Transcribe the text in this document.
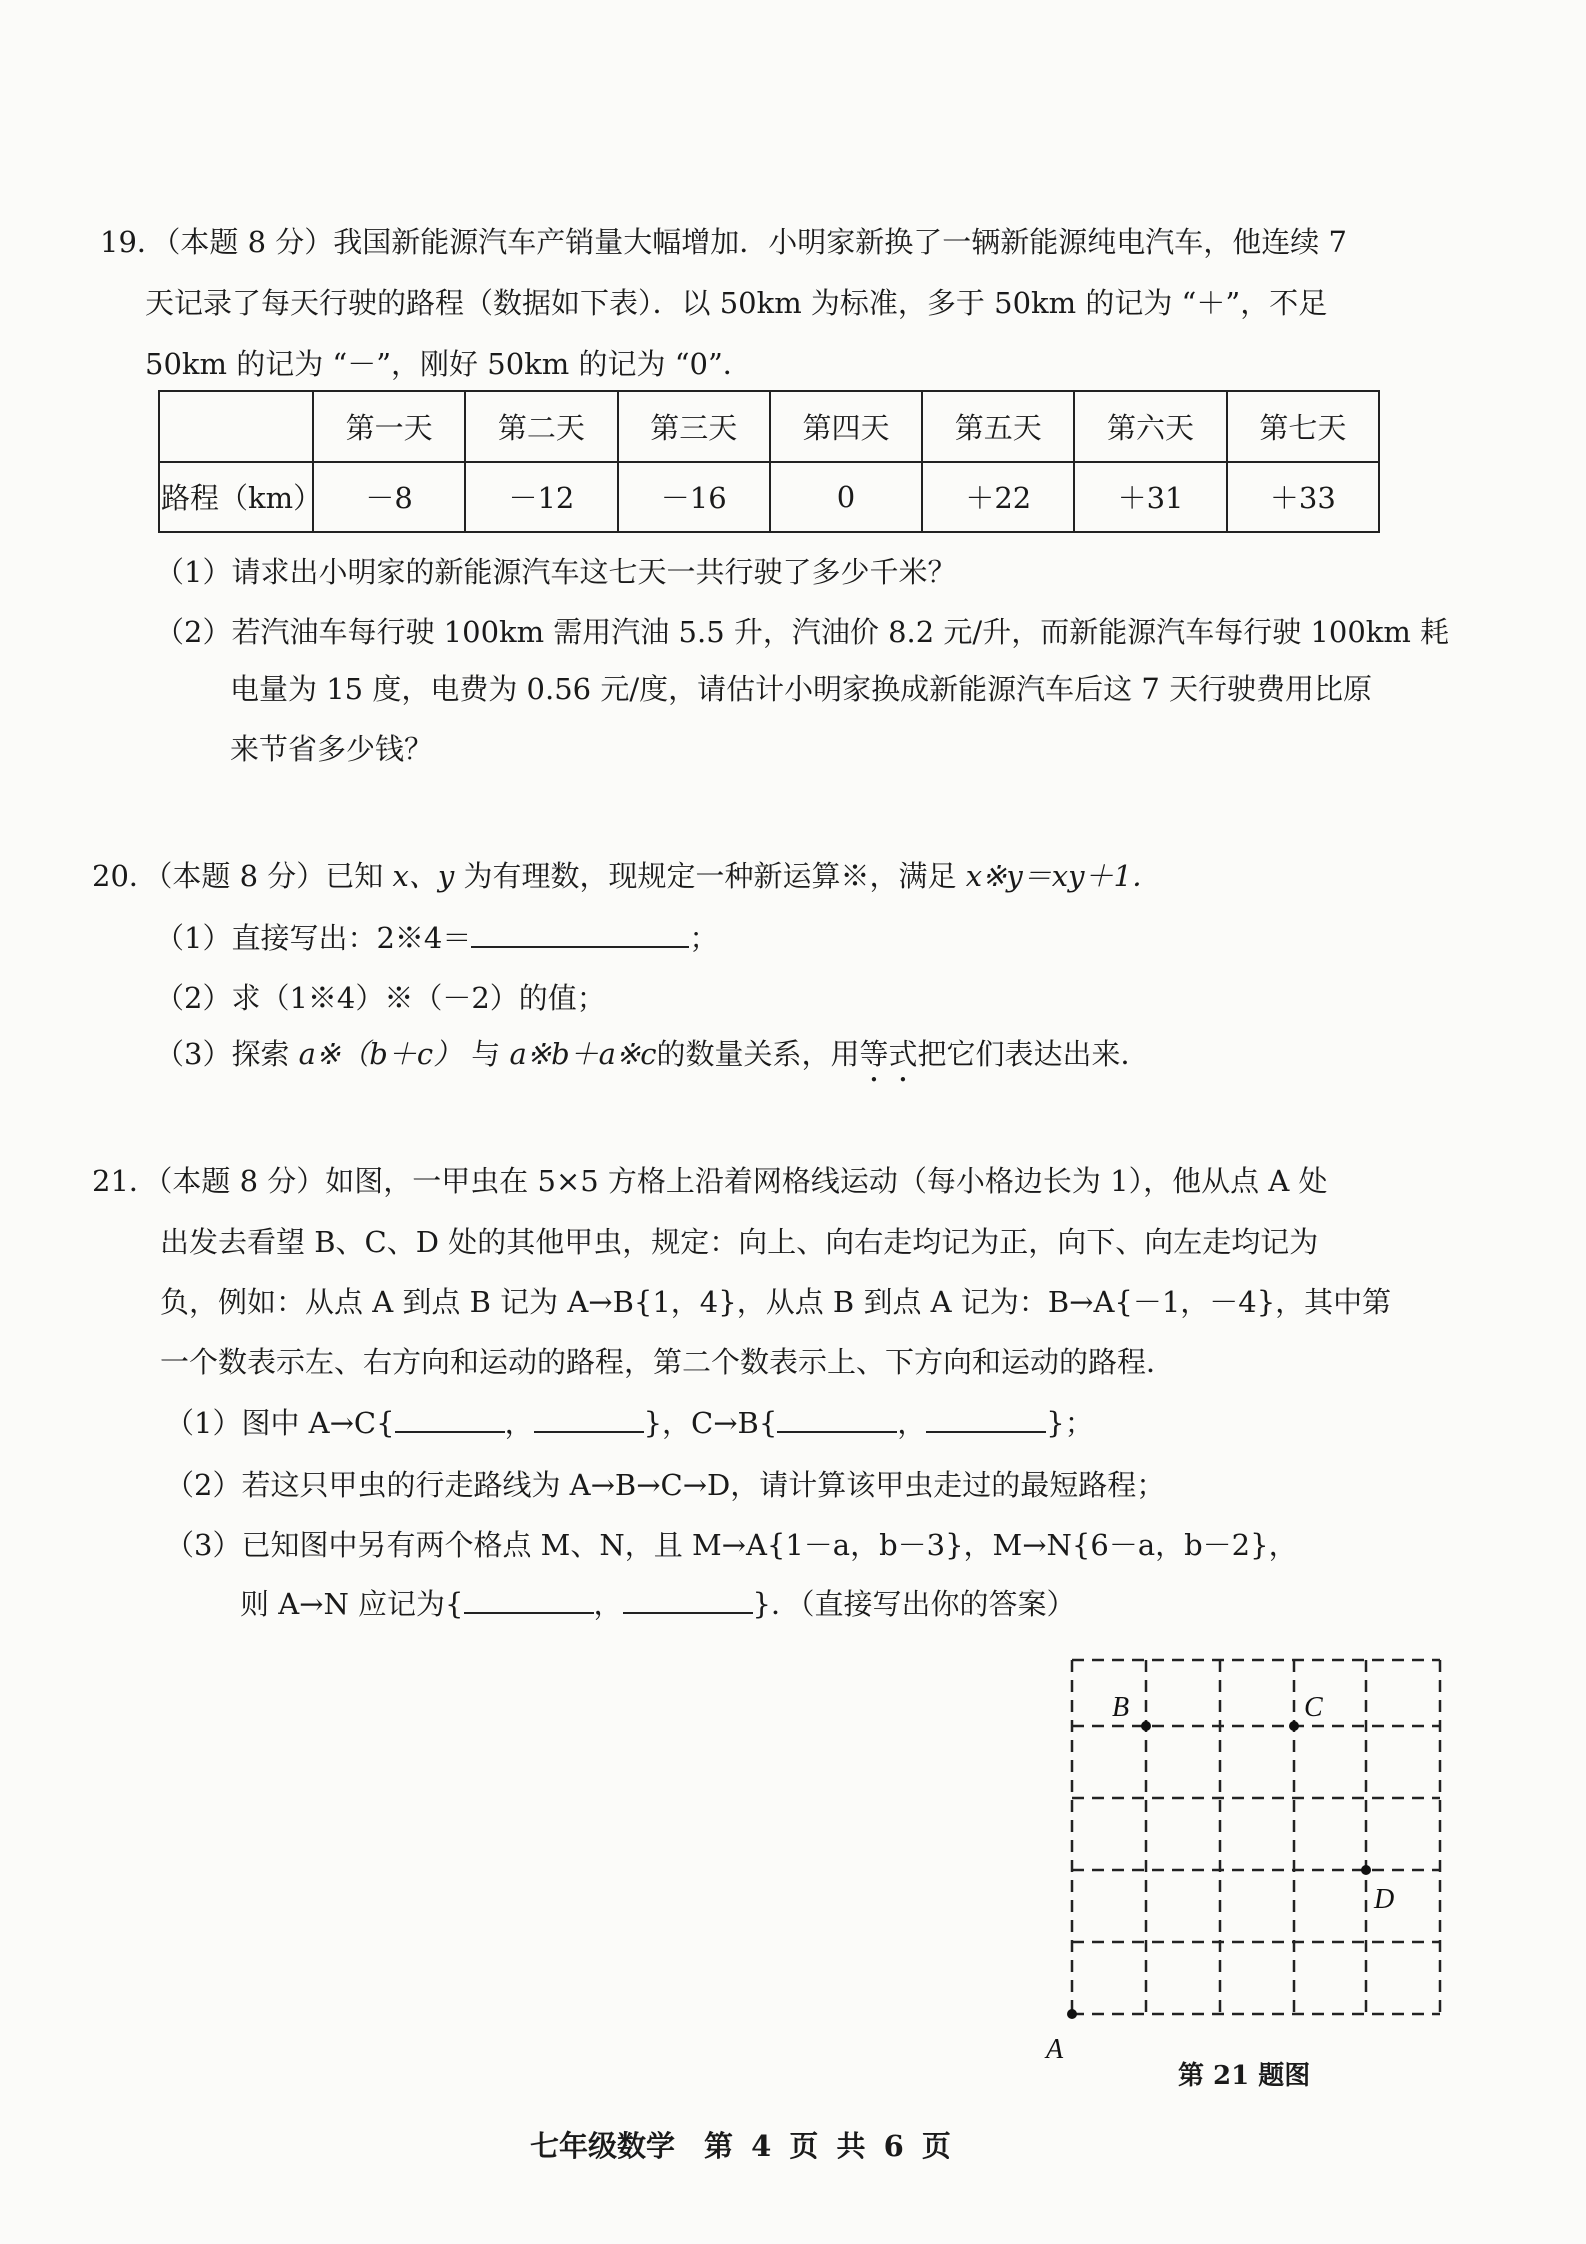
19．（本题 8 分）我国新能源汽车产销量大幅增加．小明家新换了一辆新能源纯电汽车，他连续 7
天记录了每天行驶的路程（数据如下表）．以 50km 为标准，多于 50km 的记为 “＋”，不足
50km 的记为 “－”，刚好 50km 的记为 “0”．
	第一天	第二天	第三天	第四天	第五天	第六天	第七天
路程（km）	－8	－12	－16	0	＋22	＋31	＋33
（1）请求出小明家的新能源汽车这七天一共行驶了多少千米？
（2）若汽油车每行驶 100km 需用汽油 5.5 升，汽油价 8.2 元/升，而新能源汽车每行驶 100km 耗
电量为 15 度，电费为 0.56 元/度，请估计小明家换成新能源汽车后这 7 天行驶费用比原
来节省多少钱？
20．（本题 8 分）已知 x、y 为有理数，现规定一种新运算※，满足 x※y＝xy＋1．
（1）直接写出：2※4＝	；
（2）求（1※4）※（－2）的值；
（3）探索 a※（b＋c） 与 a※b＋a※c的数量关系，用等式把它们表达出来．
21．（本题 8 分）如图，一甲虫在 5×5 方格上沿着网格线运动（每小格边长为 1），他从点 A 处
出发去看望 B、C、D 处的其他甲虫，规定：向上、向右走均记为正，向下、向左走均记为
负，例如：从点 A 到点 B 记为 A→B{1，4}，从点 B 到点 A 记为：B→A{－1，－4}，其中第
一个数表示左、右方向和运动的路程，第二个数表示上、下方向和运动的路程．
（1）图中 A→C{	，	}，C→B{	，	}；
（2）若这只甲虫的行走路线为 A→B→C→D，请计算该甲虫走过的最短路程；
（3）已知图中另有两个格点 M、N，且 M→A{1－a，b－3}，M→N{6－a，b－2}，
则 A→N 应记为{	，	}．（直接写出你的答案）
A
B	C
D
第 21 题图
七年级数学　第 4 页 共 6 页
